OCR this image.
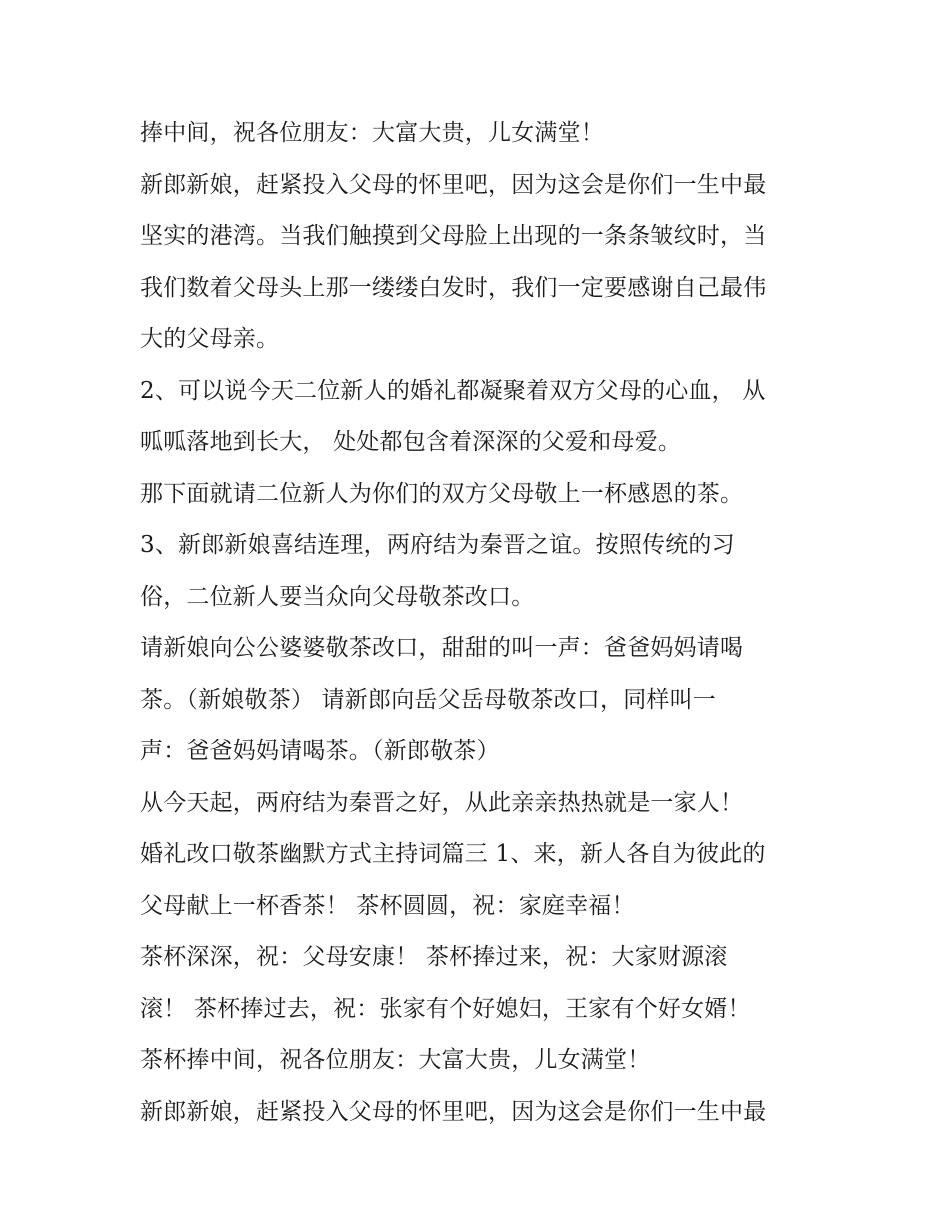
捧中间，祝各位朋友：大富大贵，儿女满堂！
新郎新娘，赶紧投入父母的怀里吧，因为这会是你们一生中最
坚实的港湾。当我们触摸到父母脸上出现的一条条皱纹时，当
我们数着父母头上那一缕缕白发时，我们一定要感谢自己最伟
大的父母亲。
2、可以说今天二位新人的婚礼都凝聚着双方父母的心血， 从
呱呱落地到长大， 处处都包含着深深的父爱和母爱。
那下面就请二位新人为你们的双方父母敬上一杯感恩的茶。
3、新郎新娘喜结连理，两府结为秦晋之谊。按照传统的习
俗，二位新人要当众向父母敬茶改口。
请新娘向公公婆婆敬茶改口，甜甜的叫一声：爸爸妈妈请喝
茶。（新娘敬茶） 请新郎向岳父岳母敬茶改口，同样叫一
声：爸爸妈妈请喝茶。（新郎敬茶）
从今天起，两府结为秦晋之好，从此亲亲热热就是一家人！
婚礼改口敬茶幽默方式主持词篇三 1、来，新人各自为彼此的
父母献上一杯香茶！ 茶杯圆圆，祝：家庭幸福！
茶杯深深，祝：父母安康！ 茶杯捧过来，祝：大家财源滚
滚！ 茶杯捧过去，祝：张家有个好媳妇，王家有个好女婿！
茶杯捧中间，祝各位朋友：大富大贵，儿女满堂！
新郎新娘，赶紧投入父母的怀里吧，因为这会是你们一生中最
